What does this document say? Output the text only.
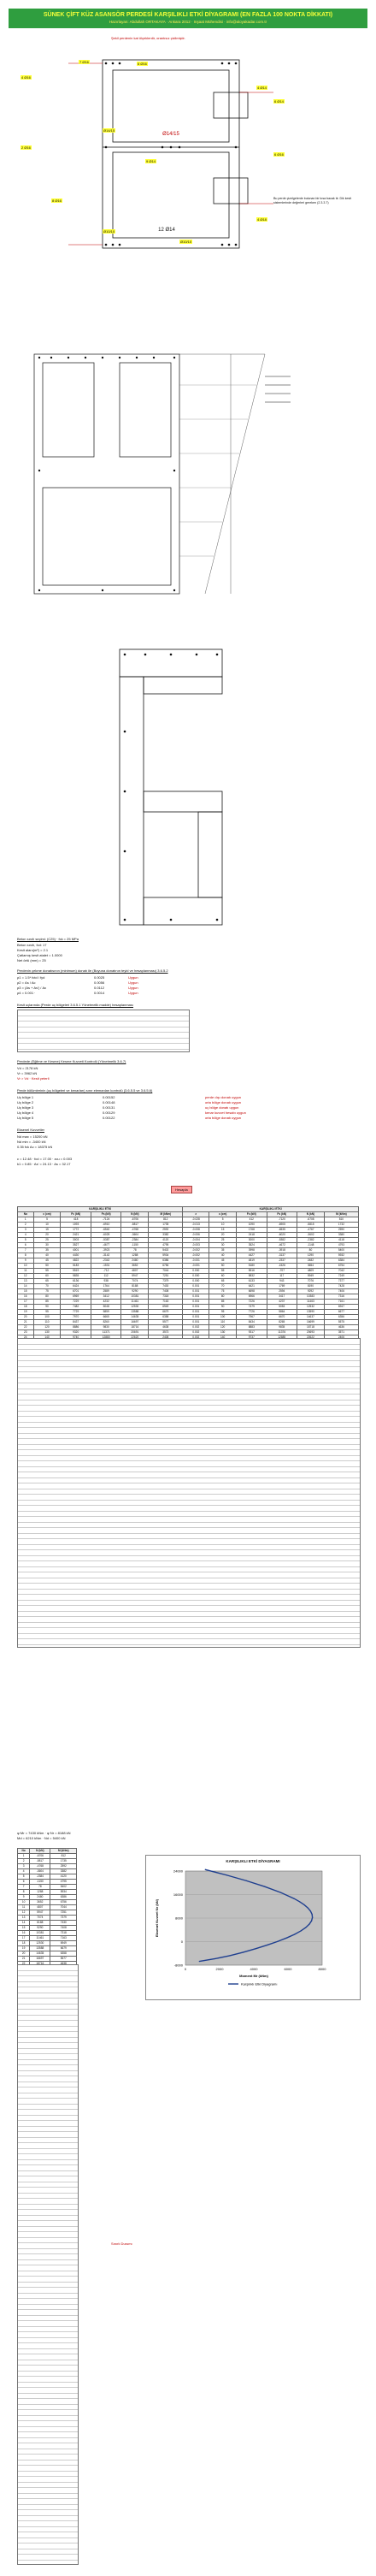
SÜNEK ÇİFT KÜZ ASANSÖR PERDESİ KARŞILIKLI ETKİ DİYAGRAMI (EN FAZLA 100 NOKTA DİKKATI)
Hazırlayan: Abdullah ORTAKAYA · Ankara 2012 · Inşaat Mühendisi · info@aloyakadar.com.tr
Şekil perdenin kat ölçeklerdir, orantısız çizilmiştir.
Ø14/15
12 Ø14
4 Ø16
7 Ø16
2 Ø16
6 Ø16
4 Ø14
6 Ø14
8 Ø16
9 Ø14
6 Ø16
Ø10/10
Ø14/15
Ø10/10
4 Ø18
Bu perde çizelgelerde bulunan bir kısa bacak tir. Dik kesit sistemlerinde değerleri gereken (2.3.3.7)
Beton sınıfı seçimi: (C25) · fck = 25 MPa
Beton sınıfı, fcd: 17
Kesit alanı(m²) = 2.1
Çatlamış kesit atalet = 1.0000
Net örtü (mm) = 25
Perdenin çekme donatısının (minimum) donatı ile (Boyuna donatının teyid ve hesaplanması) 3.6.5.2
ρ1 = 1.5* fctd / fyd	0.0025	Uygun
ρ2 = As / Ac	0.0056	Uygun
ρ3 = (As + As') / Ac	0.0112	Uygun
ρ4 = 0.001 ·	0.0014	Uygun
Kesit uçlarında (Perde uç bölgeleri 3.6.5.1 Yönetmelik madde) hesaplanması
Perdede (Eğilme ve Kesme) Kesme Kuvveti Kontrolü (Yönetmelik 3.6.7)
Vd = 2178 kN
Vr = 3962 kN
Vr > Vd · Kesit yeterli
Perde bölümlerinin (uç bölgeleri ve kenarları) sınır elemanları kontrolü (3.6.5.5 ve 3.6.5.6)
Uç bölge 1	0.00152	perde dışı donatı uygun
Uç bölge 2	0.00148	orta bölge donatı uygun
Uç bölge 3	0.00131	uç bölge donatı uygun
Uç bölge 4	0.00129	kenar kuvvet hesabı uygun
Uç bölge 5	0.00122	orta bölge donatı uygun
Eksenel Kuvvetler
Nd max = 15200 kN
Nd min = -3400 kN
0.35 fck Ac = 18375 kN
c = 12.48 · fcd = 17.00 · εcu = 0.003
k1 = 0.85 · As' = 24.13 · As = 32.17
Hesapla
KARŞILIKLI ETKİ						KARŞILIKLI ETKİ					
No	c (cm)	Fc (kN)	Fs (kN)	N (kN)	M (kNm)	ε	c (cm)	Fc (kN)	Fs (kN)	N (kN)	M (kNm)
1	5	418	-7124	-6706	812	-0.028	5	412	-7120	-6708	810
2	10	1093	-6910	-5817	1735	-0.013	10	1090	-6905	-5815	1732
3	15	1772	-6540	-4768	2592	-0.008	15	1768	-6535	-4767	2590
4	20	2421	-6025	-3604	3382	-0.006	20	2418	-6020	-3602	3380
5	25	3003	-5387	-2384	4120	-0.004	25	3000	-5382	-2382	4118
6	30	3527	-4677	-1150	4795	-0.003	30	3524	-4672	-1148	4793
7	35	4001	-3923	78	5402	-0.002	35	3998	-3918	80	5400
8	40	4430	-3142	1288	5934	-0.002	40	4427	-3137	1290	5932
9	45	4822	-2342	2480	6386	-0.001	45	4819	-2337	2482	6384
10	50	5183	-1531	3652	6756	-0.001	50	5180	-1526	3654	6754
11	55	5519	-712	4807	7044	0.000	55	5516	-707	4809	7042
12	60	5835	112	5947	7251	0.000	60	5832	117	5949	7249
13	65	6136	938	7074	7379	0.000	65	6133	943	7076	7377
14	70	6424	1764	8188	7430	0.001	70	6421	1769	8190	7428
15	75	6701	2589	9290	7408	0.001	75	6698	2594	9292	7406
16	80	6969	3412	10381	7318	0.001	80	6966	3417	10383	7316
17	85	7229	4232	11461	7163	0.001	85	7226	4237	11463	7161
18	90	7482	5048	12530	6949	0.001	90	7479	5053	12532	6947
19	95	7729	5859	13588	6679	0.001	95	7726	5864	13590	6677
20	100	7970	6665	14635	6358	0.001	100	7967	6670	14637	6356
21	110	8437	8260	16697	5577	0.001	110	8434	8265	16699	5575
22	120	8886	9830	18716	4638	0.002	120	8883	9835	18718	4636
23	130	9320	11371	20691	3573	0.002	130	9317	11376	20693	3571

φ·Mr = 7430 kNm · φ·Nr = 8188 kN
Md = 6210 kNm · Nd = 5400 kN
No	N (kN)	M (kNm)
1	-6706	812
2	-5817	1735
3	-4768	2592
4	-3604	3382
5	-2384	4120
6	-1150	4795
7	78	5402
8	1288	5934
9	2480	6386
10	3652	6756
11	4807	7044
12	5947	7251
13	7074	7379
14	8188	7430
15	9290	7408
16	10381	7318
17	11461	7163
18	12530	6949
19	13588	6679
20	14635	6358
21	16697	5577

Sınırlı Durumı
KARŞILIKLI ETKİ DİYAGRAMI
-8000
0
8000
16000
24000
0	2000	4000	6000	8000
Moment Mr (kNm)
Eksenel Kuvvet Nr (kN)
Karşılıklı Etki Diyagramı
